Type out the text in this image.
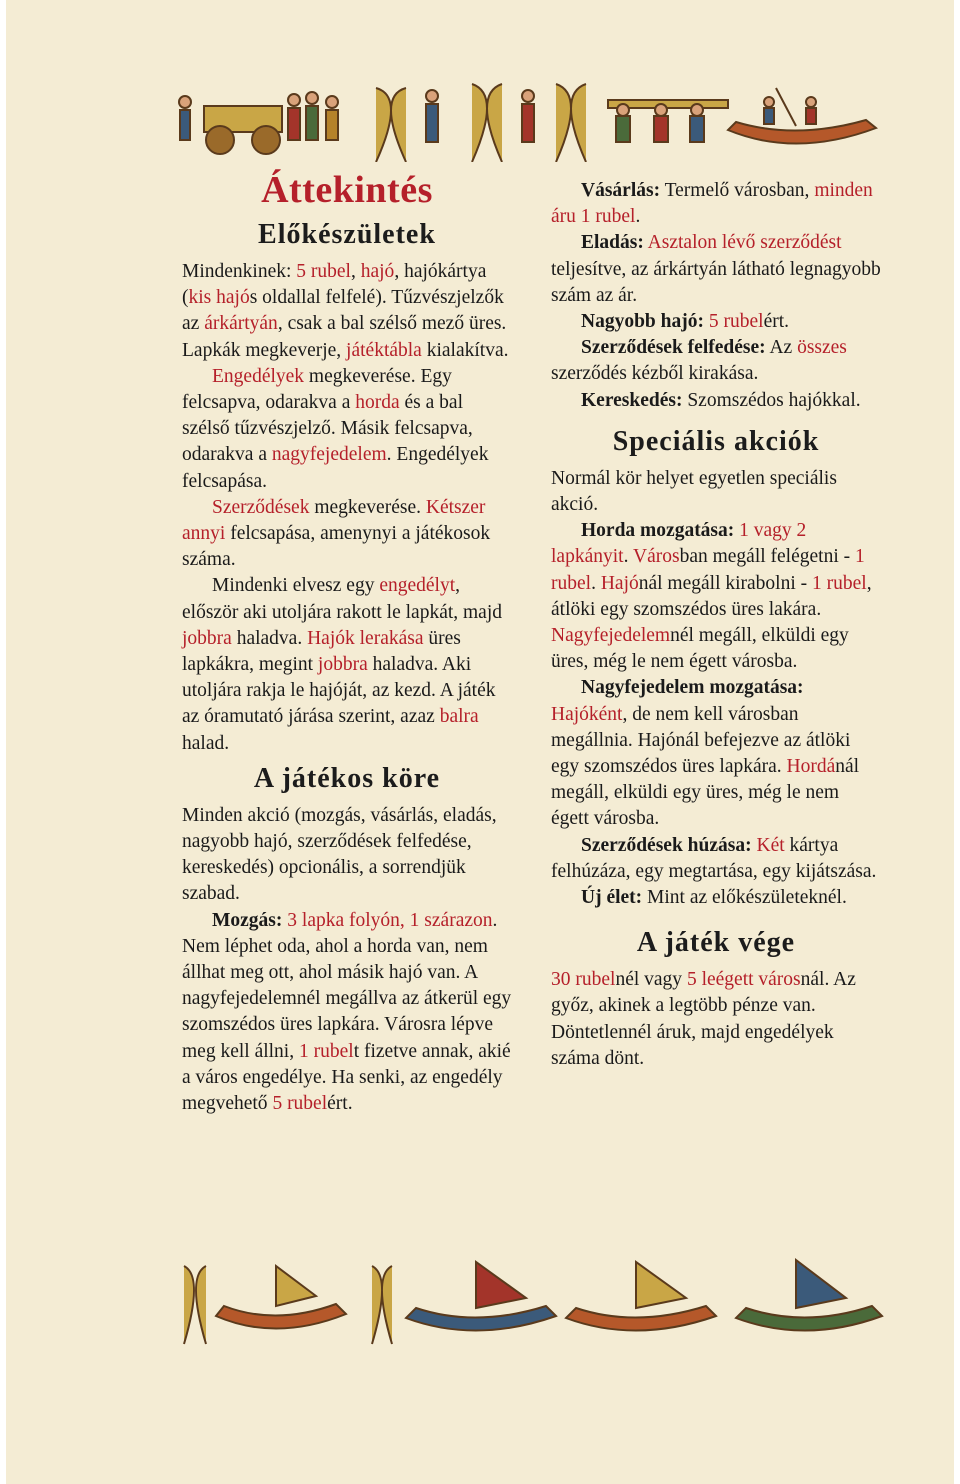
Áttekintés
Előkészületek

Mindenkinek: 5 rubel, hajó, hajókártya (kis hajós oldallal felfelé). Tűzvészjelzők az árkártyán, csak a bal szélső mező üres. Lapkák megkeverje, játéktábla kialakítva.

Engedélyek megkeverése. Egy felcsapva, odarakva a horda és a bal szélső tűzvészjelző. Másik felcsapva, odarakva a nagyfejedelem. Engedélyek felcsapása.

Szerződések megkeverése. Kétszer annyi felcsapása, amenynyi a játékosok száma.

Mindenki elvesz egy engedélyt, először aki utoljára rakott le lapkát, majd jobbra haladva. Hajók lerakása üres lapkákra, megint jobbra haladva. Aki utoljára rakja le hajóját, az kezd. A játék az óramutató járása szerint, azaz balra halad.

A játékos köre

Minden akció (mozgás, vásárlás, eladás, nagyobb hajó, szerződések felfedése, kereskedés) opcionális, a sorrendjük szabad.

Mozgás: 3 lapka folyón, 1 szárazon. Nem léphet oda, ahol a horda van, nem állhat meg ott, ahol másik hajó van. A nagyfejedelemnél megállva az átkerül egy szomszédos üres lapkára. Városra lépve meg kell állni, 1 rubelt fizetve annak, akié a város engedélye. Ha senki, az engedély megvehető 5 rubelért.

Vásárlás: Termelő városban, minden áru 1 rubel.

Eladás: Asztalon lévő szerződést teljesítve, az árkártyán látható legnagyobb szám az ár.

Nagyobb hajó: 5 rubelért.

Szerződések felfedése: Az összes szerződés kézből kirakása.

Kereskedés: Szomszédos hajókkal.

Speciális akciók

Normál kör helyet egyetlen speciális akció.

Horda mozgatása: 1 vagy 2 lapkányit. Városban megáll felégetni - 1 rubel. Hajónál megáll kirabolni - 1 rubel, átlöki egy szomszédos üres lakára. Nagyfejedelemnél megáll, elküldi egy üres, még le nem égett városba.

Nagyfejedelem mozgatása: Hajóként, de nem kell városban megállnia. Hajónál befejezve az átlöki egy szomszédos üres lapkára. Hordánál megáll, elküldi egy üres, még le nem égett városba.

Szerződések húzása: Két kártya felhúzáza, egy megtartása, egy kijátszása.

Új élet: Mint az előkészületeknél.

A játék vége

30 rubelnél vagy 5 leégett városnál. Az győz, akinek a legtöbb pénze van. Döntetlennél áruk, majd engedélyek száma dönt.
